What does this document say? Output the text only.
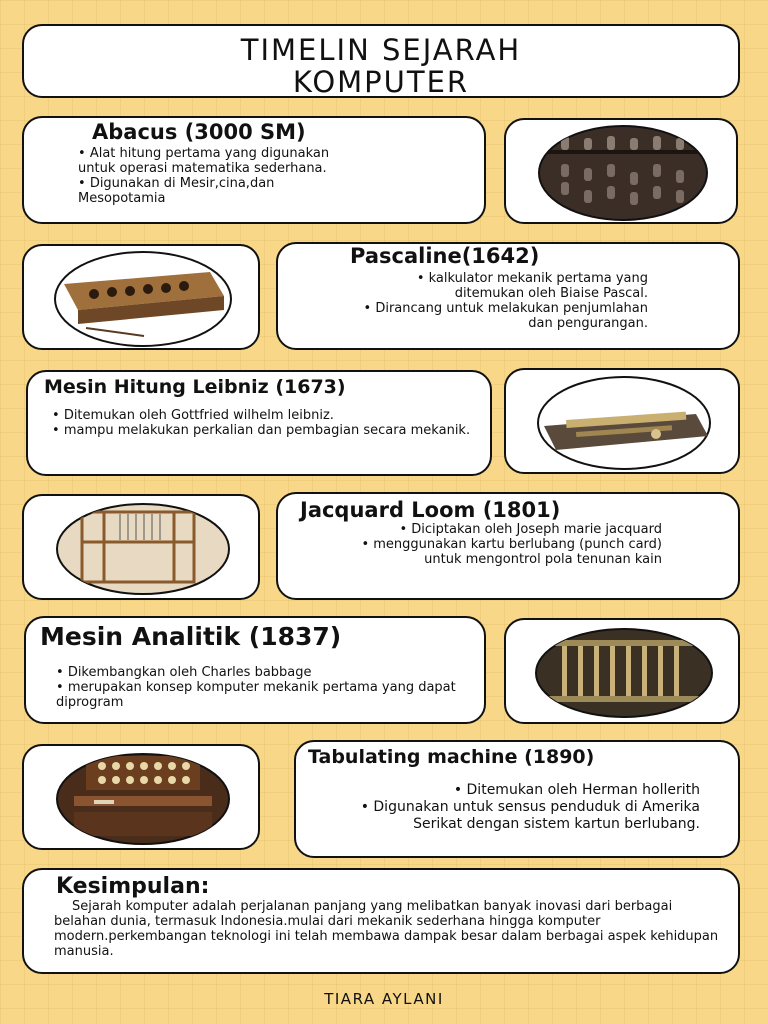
TIMELIN SEJARAH
KOMPUTER
Abacus (3000 SM)
• Alat hitung pertama yang digunakan untuk operasi matematika sederhana.
• Digunakan di Mesir,cina,dan Mesopotamia
Pascaline(1642)
• kalkulator mekanik pertama yang ditemukan oleh Biaise Pascal.
• Dirancang untuk melakukan penjumlahan dan pengurangan.
Mesin Hitung Leibniz (1673)
• Ditemukan oleh Gottfried wilhelm leibniz.
• mampu melakukan perkalian dan pembagian secara mekanik.
Jacquard Loom (1801)
• Diciptakan oleh Joseph marie jacquard
• menggunakan kartu berlubang (punch card) untuk mengontrol pola tenunan kain
Mesin Analitik (1837)
• Dikembangkan oleh Charles babbage
• merupakan konsep komputer mekanik pertama yang dapat diprogram
Tabulating machine (1890)
• Ditemukan oleh Herman hollerith
• Digunakan untuk sensus penduduk di Amerika Serikat dengan sistem kartun berlubang.
Kesimpulan:

Sejarah komputer adalah perjalanan panjang yang melibatkan banyak inovasi dari berbagai belahan dunia, termasuk Indonesia.mulai dari mekanik sederhana hingga komputer modern.perkembangan teknologi ini telah membawa dampak besar dalam berbagai aspek kehidupan manusia.

TIARA AYLANI
